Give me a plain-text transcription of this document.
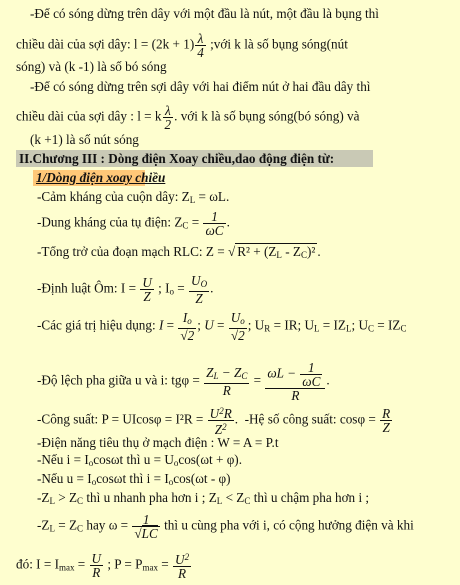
-Để có sóng dừng trên dây với một đầu là nút, một đầu là bụng thì
chiều dài của sợi dây: $l = (2k + 1) \frac{\lambda}{4}$ ;với k là số bụng sóng(nút
sóng) và (k -1) là số bó sóng
-Để có sóng dừng trên sợi dây với hai điểm nút ở hai đầu dây thì
chiều dài của sợi dây : l = k $\frac{\lambda}{2}$ . với k là số bụng sóng(bó sóng) và
(k +1) là số nút sóng
II.Chương III : Dòng điện Xoay chiều,dao động điện từ:
1/Dòng điện xoay chiều
-Cảm kháng của cuộn dây: $Z_L = \omega L$.
-Dung kháng của tụ điện: $Z_C = \frac{1}{\omega C}$ .
-Tổng trở của đoạn mạch RLC: Z = √ $R^2 + (Z_L - Z_C)^2$ .
-Định luật Ôm: $I = \frac{U}{Z}$ ; $I_o = \frac{U_O}{Z}$ .
-Các giá trị hiệu dụng: $I = \frac{I_o}{√2}$ ; $U = \frac{U_o}{√2}$ ; $U_R$ = IR; $U_L = IZ_L$; $U_C = IZ_C$
-Độ lệch pha giữa u và i: $tg\varphi = \frac{Z_L - Z_C}{R} = \frac{\omega L - \frac{1}{\omega C}}{R}$ .
-Công suất: $P = UIcos\varphi = I^2R = \frac{U^2R}{Z^2}$ .  -Hệ số công suất: $\cos\varphi = \frac{R}{Z}$
-Điện năng tiêu thụ ở mạch điện : W = A = P.t
-Nếu $i = I_o\cos\omega t$ thì $u = U_o\cos(\omega t + \varphi)$.
-Nếu $u = I_o\cos\omega t$ thì $i = I_o\cos(\omega t - \varphi)$
$-Z_L > Z_C$ thì u nhanh pha hơn i ; $Z_L < Z_C$ thì u chậm pha hơn i ;
$-Z_L = Z_C$ hay $\omega = \frac{1}{√LC}$ thì u cùng pha với i, có cộng hưởng điện và khi
đó: $I = I_{max} = \frac{U}{R}$ ; $P = P_{max} = \frac{U^2}{R}$
